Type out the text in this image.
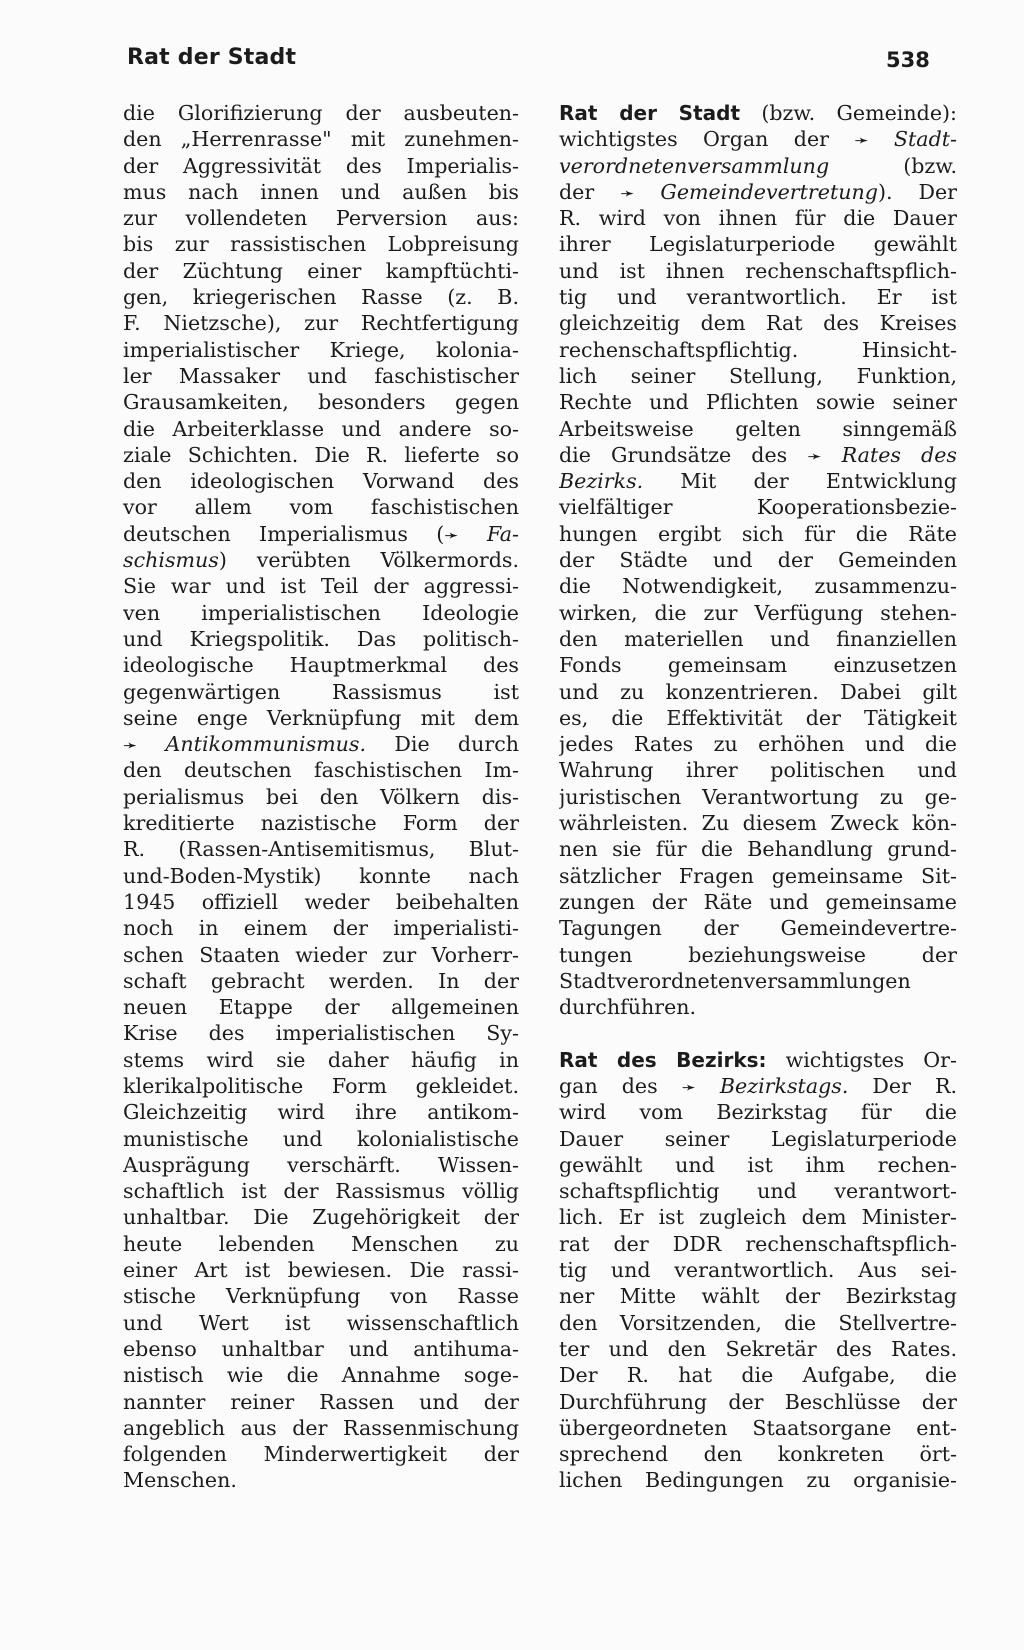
Rat der Stadt	538
die Glorifizierung der ausbeuten-
den „Herrenrasse" mit zunehmen-
der Aggressivität des Imperialis-
mus nach innen und außen bis
zur vollendeten Perversion aus:
bis zur rassistischen Lobpreisung
der Züchtung einer kampftüchti-
gen, kriegerischen Rasse (z. B.
F. Nietzsche), zur Rechtfertigung
imperialistischer Kriege, kolonia-
ler Massaker und faschistischer
Grausamkeiten, besonders gegen
die Arbeiterklasse und andere so-
ziale Schichten. Die R. lieferte so
den ideologischen Vorwand des
vor allem vom faschistischen
deutschen Imperialismus (➛ Fa-
schismus) verübten Völkermords.
Sie war und ist Teil der aggressi-
ven imperialistischen Ideologie
und Kriegspolitik. Das politisch-
ideologische Hauptmerkmal des
gegenwärtigen Rassismus ist
seine enge Verknüpfung mit dem
➛ Antikommunismus. Die durch
den deutschen faschistischen Im-
perialismus bei den Völkern dis-
kreditierte nazistische Form der
R. (Rassen-Antisemitismus, Blut-
und-Boden-Mystik) konnte nach
1945 offiziell weder beibehalten
noch in einem der imperialisti-
schen Staaten wieder zur Vorherr-
schaft gebracht werden. In der
neuen Etappe der allgemeinen
Krise des imperialistischen Sy-
stems wird sie daher häufig in
klerikalpolitische Form gekleidet.
Gleichzeitig wird ihre antikom-
munistische und kolonialistische
Ausprägung verschärft. Wissen-
schaftlich ist der Rassismus völlig
unhaltbar. Die Zugehörigkeit der
heute lebenden Menschen zu
einer Art ist bewiesen. Die rassi-
stische Verknüpfung von Rasse
und Wert ist wissenschaftlich
ebenso unhaltbar und antihuma-
nistisch wie die Annahme soge-
nannter reiner Rassen und der
angeblich aus der Rassenmischung
folgenden Minderwertigkeit der
Menschen.
Rat der Stadt (bzw. Gemeinde):
wichtigstes Organ der ➛ Stadt-
verordnetenversammlung (bzw.
der ➛ Gemeindevertretung). Der
R. wird von ihnen für die Dauer
ihrer Legislaturperiode gewählt
und ist ihnen rechenschaftspflich-
tig und verantwortlich. Er ist
gleichzeitig dem Rat des Kreises
rechenschaftspflichtig. Hinsicht-
lich seiner Stellung, Funktion,
Rechte und Pflichten sowie seiner
Arbeitsweise gelten sinngemäß
die Grundsätze des ➛ Rates des
Bezirks. Mit der Entwicklung
vielfältiger Kooperationsbezie-
hungen ergibt sich für die Räte
der Städte und der Gemeinden
die Notwendigkeit, zusammenzu-
wirken, die zur Verfügung stehen-
den materiellen und finanziellen
Fonds gemeinsam einzusetzen
und zu konzentrieren. Dabei gilt
es, die Effektivität der Tätigkeit
jedes Rates zu erhöhen und die
Wahrung ihrer politischen und
juristischen Verantwortung zu ge-
währleisten. Zu diesem Zweck kön-
nen sie für die Behandlung grund-
sätzlicher Fragen gemeinsame Sit-
zungen der Räte und gemeinsame
Tagungen der Gemeindevertre-
tungen beziehungsweise der
Stadtverordnetenversammlungen
durchführen.
Rat des Bezirks: wichtigstes Or-
gan des ➛ Bezirkstags. Der R.
wird vom Bezirkstag für die
Dauer seiner Legislaturperiode
gewählt und ist ihm rechen-
schaftspflichtig und verantwort-
lich. Er ist zugleich dem Minister-
rat der DDR rechenschaftspflich-
tig und verantwortlich. Aus sei-
ner Mitte wählt der Bezirkstag
den Vorsitzenden, die Stellvertre-
ter und den Sekretär des Rates.
Der R. hat die Aufgabe, die
Durchführung der Beschlüsse der
übergeordneten Staatsorgane ent-
sprechend den konkreten ört-
lichen Bedingungen zu organisie-
